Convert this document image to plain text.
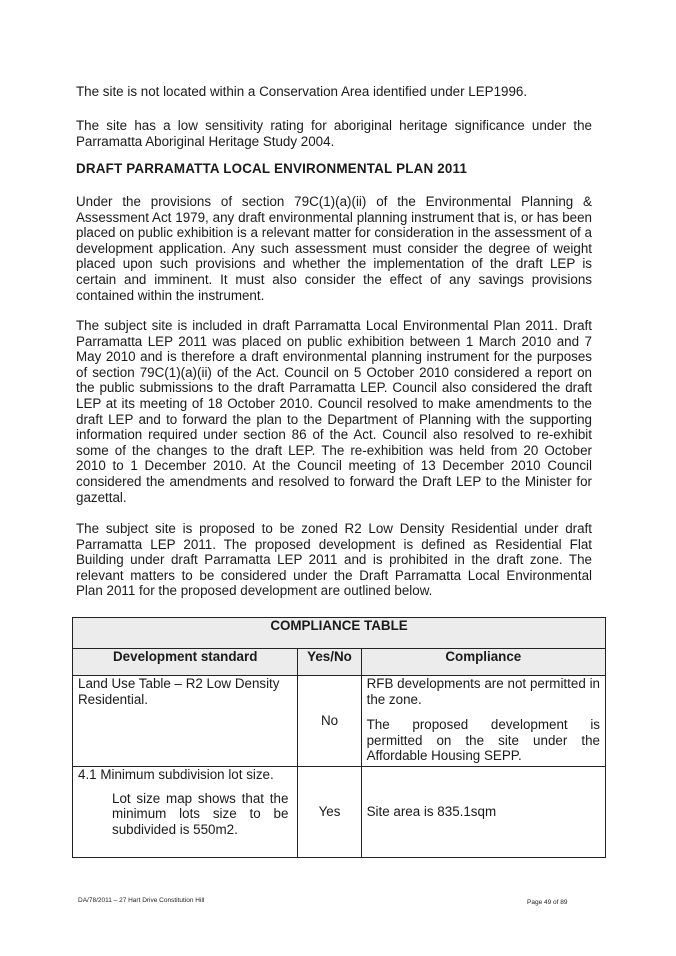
The site is not located within a Conservation Area identified under LEP1996.

The site has a low sensitivity rating for aboriginal heritage significance under the Parramatta Aboriginal Heritage Study 2004.

DRAFT PARRAMATTA LOCAL ENVIRONMENTAL PLAN 2011

Under the provisions of section 79C(1)(a)(ii) of the Environmental Planning & Assessment Act 1979, any draft environmental planning instrument that is, or has been placed on public exhibition is a relevant matter for consideration in the assessment of a development application. Any such assessment must consider the degree of weight placed upon such provisions and whether the implementation of the draft LEP is certain and imminent. It must also consider the effect of any savings provisions contained within the instrument.

The subject site is included in draft Parramatta Local Environmental Plan 2011. Draft Parramatta LEP 2011 was placed on public exhibition between 1 March 2010 and 7 May 2010 and is therefore a draft environmental planning instrument for the purposes of section 79C(1)(a)(ii) of the Act. Council on 5 October 2010 considered a report on the public submissions to the draft Parramatta LEP. Council also considered the draft LEP at its meeting of 18 October 2010. Council resolved to make amendments to the draft LEP and to forward the plan to the Department of Planning with the supporting information required under section 86 of the Act. Council also resolved to re-exhibit some of the changes to the draft LEP. The re-exhibition was held from 20 October 2010 to 1 December 2010. At the Council meeting of 13 December 2010 Council considered the amendments and resolved to forward the Draft LEP to the Minister for gazettal.

The subject site is proposed to be zoned R2 Low Density Residential under draft Parramatta LEP 2011. The proposed development is defined as Residential Flat Building under draft Parramatta LEP 2011 and is prohibited in the draft zone. The relevant matters to be considered under the Draft Parramatta Local Environmental Plan 2011 for the proposed development are outlined below.

COMPLIANCE TABLE		
Development standard	Yes/No	Compliance
Land Use Table – R2 Low Density Residential.	No	RFB developments are not permitted in the zone.
The proposed development is permitted on the site under the Affordable Housing SEPP.

4.1 Minimum subdivision lot size.
Lot size map shows that the minimum lots size to be subdivided is 550m2.	Yes	Site area is 835.1sqm
DA/78/2011 – 27 Hart Drive Constitution Hill	Page 49 of 89
